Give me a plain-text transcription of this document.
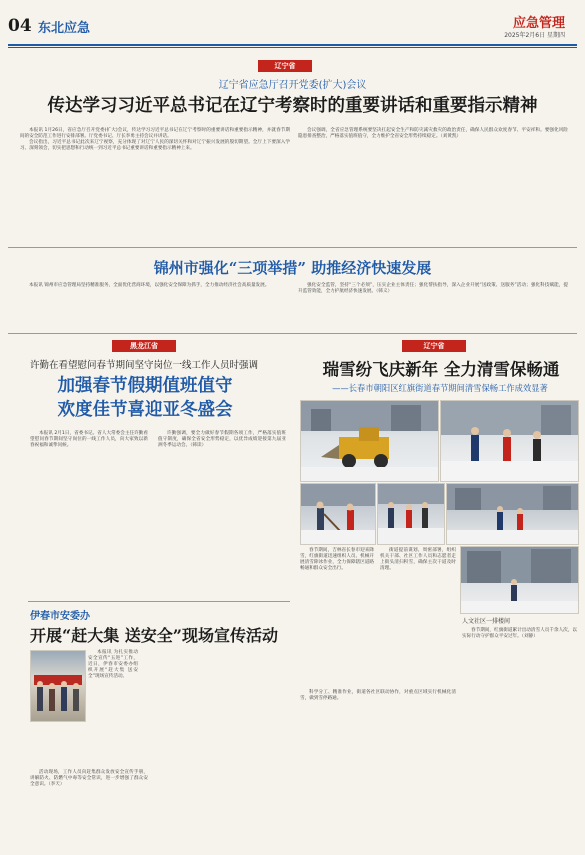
04 东北应急	应急管理
2025年2月6日 星期四
辽宁省
辽宁省应急厅召开党委(扩大)会议
传达学习习近平总书记在辽宁考察时的重要讲话和重要指示精神

本报讯 1月26日，省应急厅召开党委(扩大)会议，传达学习习近平总书记在辽宁考察时的重要讲话和重要指示精神，并就春节期间的安全防范工作进行安排部署。厅党委书记、厅长李勇主持会议并讲话。

会议指出，习近平总书记此次来辽宁视察，充分体现了对辽宁人民的深切关怀和对辽宁振兴发展的殷切期望。全厅上下要深入学习、深刻领会，切实把思想和行动统一到习近平总书记重要讲话和重要指示精神上来。

会议强调，全省应急管理系统要坚决扛起安全生产和防灾减灾救灾的政治责任，确保人民群众欢度春节、平安祥和。要强化风险隐患排查整治，严格落实值班值守，全力维护全省安全形势持续稳定。（刘黄凯）

锦州市强化“三项举措” 助推经济快速发展

本报讯 锦州市应急管理局坚持精准服务，全面优化营商环境，以强化安全保障为抓手，全力推动经济社会高质量发展。	强化安全监管，坚持“三个必须”，压实企业主体责任；强化帮扶指导，深入企业开展“送政策、送服务”活动；强化科技赋能，提升监管效能，全力护航经济快速发展。（韩义）

黑龙江省
许勤在看望慰问春节期间坚守岗位一线工作人员时强调
加强春节假期值班值守
欢度佳节喜迎亚冬盛会

本报讯 2月1日，省委书记、省人大常委会主任许勤看望慰问春节期间坚守岗位的一线工作人员，向大家致以新春祝福和诚挚问候。

许勤强调，要全力做好春节假期各项工作，严格落实值班值守制度，确保全省安全形势稳定，以优异成绩迎接第九届亚洲冬季运动会。（韩读）

伊春市安委办
开展“赶大集 送安全”现场宣传活动

本报讯 为扎实推动安全宣传“五进”工作，近日，伊春市安委办组织开展“赶大集 送安全”现场宣传活动。

活动现场，工作人员向赶集群众发放安全宣传手册，讲解防火、防燃气中毒等安全常识，进一步增强了群众安全意识。（李天）

辽宁省
瑞雪纷飞庆新年 全力清雪保畅通
——长春市朝阳区红旗街道春节期间清雪保畅工作成效显著
人文社区一排楼间

春节期间，吉林省长春市迎来降雪，红旗街道迅速组织人员、机械开展清雪除冰作业，全力保障辖区道路畅通和群众安全出行。

街道提前谋划、周密部署，组织机关干部、社区工作人员和志愿者走上街头清扫积雪，确保主次干道及时清理。

科学分工、精准作业，街道各社区联动协作，对重点区域实行机械化清雪，做到雪停路通。

春节期间，红旗街道累计出动清雪人员千余人次，以实际行动守护群众平安过年。（刘静）
